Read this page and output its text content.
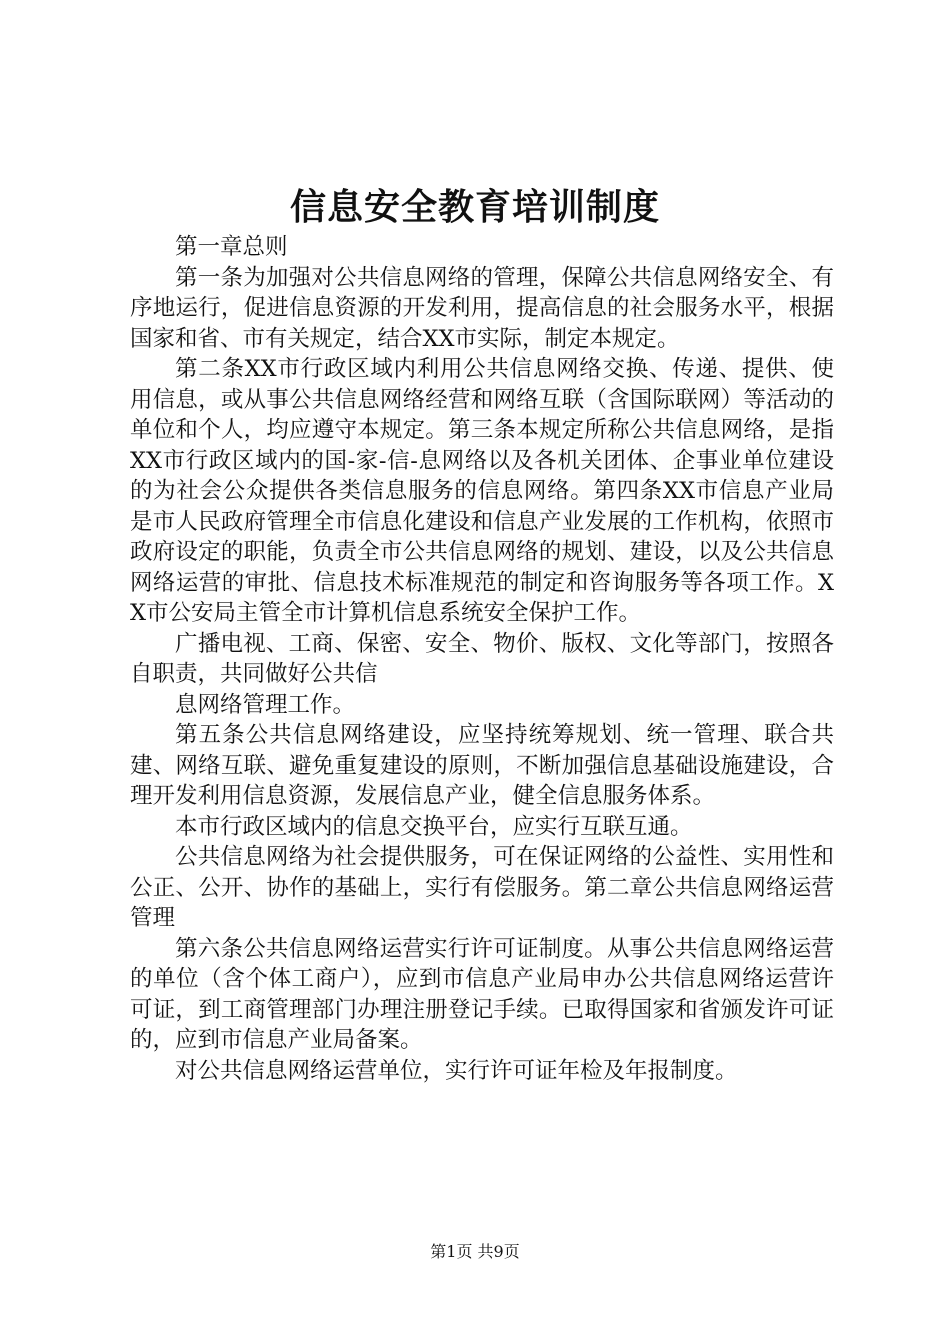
信息安全教育培训制度

第一章总则

第一条为加强对公共信息网络的管理，保障公共信息网络安全、有序地运行，促进信息资源的开发利用，提高信息的社会服务水平，根据国家和省、市有关规定，结合XX市实际，制定本规定。

第二条XX市行政区域内利用公共信息网络交换、传递、提供、使用信息，或从事公共信息网络经营和网络互联（含国际联网）等活动的单位和个人，均应遵守本规定。第三条本规定所称公共信息网络，是指XX市行政区域内的国-家-信-息网络以及各机关团体、企事业单位建设的为社会公众提供各类信息服务的信息网络。第四条XX市信息产业局是市人民政府管理全市信息化建设和信息产业发展的工作机构，依照市政府设定的职能，负责全市公共信息网络的规划、建设，以及公共信息网络运营的审批、信息技术标准规范的制定和咨询服务等各项工作。XX市公安局主管全市计算机信息系统安全保护工作。

广播电视、工商、保密、安全、物价、版权、文化等部门，按照各自职责，共同做好公共信

息网络管理工作。

第五条公共信息网络建设，应坚持统筹规划、统一管理、联合共建、网络互联、避免重复建设的原则，不断加强信息基础设施建设，合理开发利用信息资源，发展信息产业，健全信息服务体系。

本市行政区域内的信息交换平台，应实行互联互通。

公共信息网络为社会提供服务，可在保证网络的公益性、实用性和公正、公开、协作的基础上，实行有偿服务。第二章公共信息网络运营管理

第六条公共信息网络运营实行许可证制度。从事公共信息网络运营的单位（含个体工商户），应到市信息产业局申办公共信息网络运营许可证，到工商管理部门办理注册登记手续。已取得国家和省颁发许可证的，应到市信息产业局备案。

对公共信息网络运营单位，实行许可证年检及年报制度。

第1页 共9页
